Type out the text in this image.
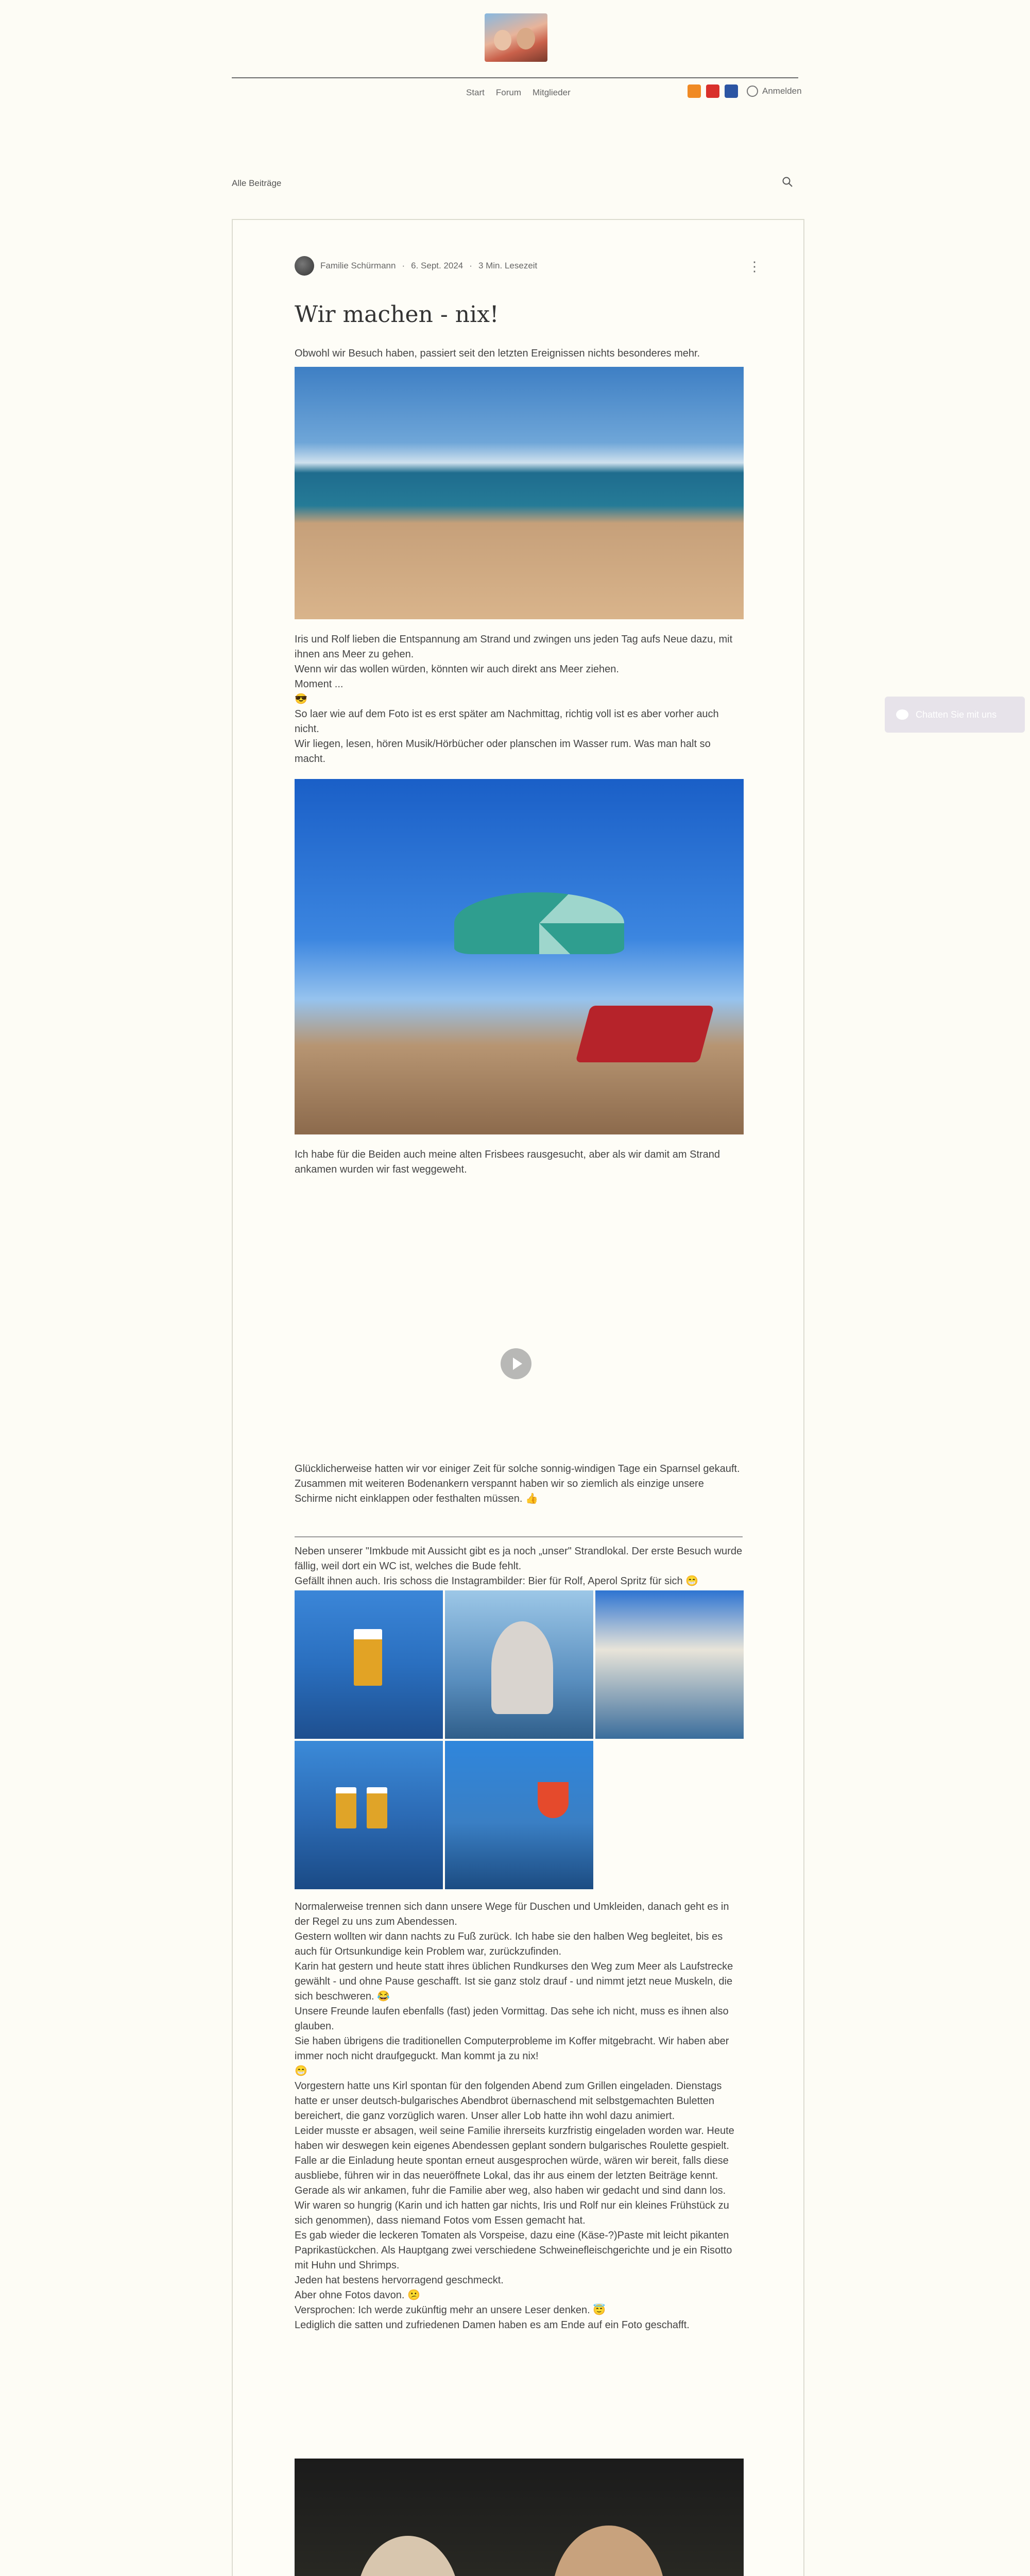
Start Forum Mitglieder	Anmelden
Alle Beiträge
Chatten Sie mit uns
Familie Schürmann · 6. Sept. 2024 · 3 Min. Lesezeit	⋮
Wir machen - nix!
Obwohl wir Besuch haben, passiert seit den letzten Ereignissen nichts besonderes mehr.
Iris und Rolf lieben die Entspannung am Strand und zwingen uns jeden Tag aufs Neue dazu, mit ihnen ans Meer zu gehen.
Wenn wir das wollen würden, könnten wir auch direkt ans Meer ziehen.
Moment ...
😎
So laer wie auf dem Foto ist es erst später am Nachmittag, richtig voll ist es aber vorher auch nicht.
Wir liegen, lesen, hören Musik/Hörbücher oder planschen im Wasser rum. Was man halt so macht.
Ich habe für die Beiden auch meine alten Frisbees rausgesucht, aber als wir damit am Strand ankamen wurden wir fast weggeweht.
Glücklicherweise hatten wir vor einiger Zeit für solche sonnig-windigen Tage ein Sparnsel gekauft. Zusammen mit weiteren Bodenankern verspannt haben wir so ziemlich als einzige unsere Schirme nicht einklappen oder festhalten müssen. 👍
Neben unserer "Imkbude mit Aussicht gibt es ja noch „unser" Strandlokal. Der erste Besuch wurde fällig, weil dort ein WC ist, welches die Bude fehlt.
Gefällt ihnen auch. Iris schoss die Instagrambilder: Bier für Rolf, Aperol Spritz für sich 😁
Normalerweise trennen sich dann unsere Wege für Duschen und Umkleiden, danach geht es in der Regel zu uns zum Abendessen.
Gestern wollten wir dann nachts zu Fuß zurück. Ich habe sie den halben Weg begleitet, bis es auch für Ortsunkundige kein Problem war, zurückzufinden.
Karin hat gestern und heute statt ihres üblichen Rundkurses den Weg zum Meer als Laufstrecke gewählt - und ohne Pause geschafft. Ist sie ganz stolz drauf - und nimmt jetzt neue Muskeln, die sich beschweren. 😂
Unsere Freunde laufen ebenfalls (fast) jeden Vormittag. Das sehe ich nicht, muss es ihnen also glauben.
Sie haben übrigens die traditionellen Computerprobleme im Koffer mitgebracht. Wir haben aber immer noch nicht draufgeguckt. Man kommt ja zu nix!
😁
Vorgestern hatte uns Kirl spontan für den folgenden Abend zum Grillen eingeladen. Dienstags hatte er unser deutsch-bulgarisches Abendbrot übernaschend mit selbstgemachten Buletten bereichert, die ganz vorzüglich waren. Unser aller Lob hatte ihn wohl dazu animiert.
Leider musste er absagen, weil seine Familie ihrerseits kurzfristig eingeladen worden war. Heute haben wir deswegen kein eigenes Abendessen geplant sondern bulgarisches Roulette gespielt.
Falle ar die Einladung heute spontan erneut ausgesprochen würde, wären wir bereit, falls diese ausbliebe, führen wir in das neueröffnete Lokal, das ihr aus einem der letzten Beiträge kennt.
Gerade als wir ankamen, fuhr die Familie aber weg, also haben wir gedacht und sind dann los.
Wir waren so hungrig (Karin und ich hatten gar nichts, Iris und Rolf nur ein kleines Frühstück zu sich genommen), dass niemand Fotos vom Essen gemacht hat.
Es gab wieder die leckeren Tomaten als Vorspeise, dazu eine (Käse-?)Paste mit leicht pikanten Paprikastückchen. Als Hauptgang zwei verschiedene Schweinefleischgerichte und je ein Risotto mit Huhn und Shrimps.
Jeden hat bestens hervorragend geschmeckt.
Aber ohne Fotos davon. 😕
Versprochen: Ich werde zukünftig mehr an unsere Leser denken. 😇
Lediglich die satten und zufriedenen Damen haben es am Ende auf ein Foto geschafft.
